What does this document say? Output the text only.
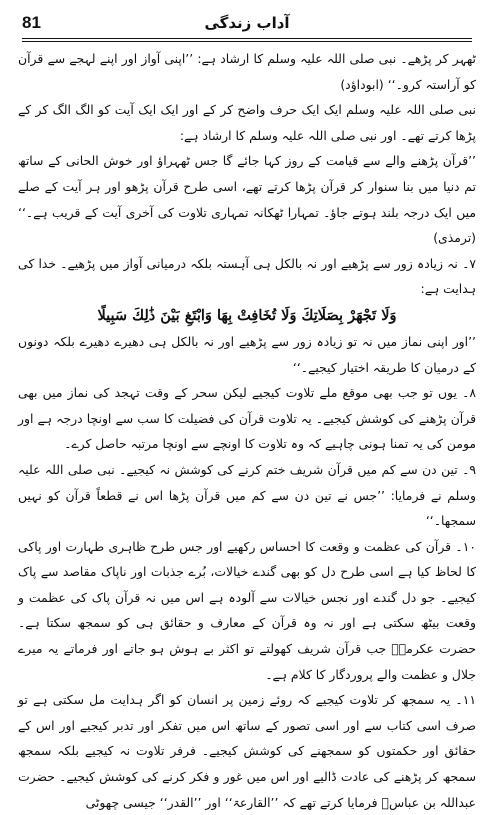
81	آداب زندگی

ٹھہر کر پڑھے۔ نبی صلی اللہ علیہ وسلم کا ارشاد ہے: ’’اپنی آواز اور اپنے لہجے سے قرآن کو آراستہ کرو۔‘‘ (ابوداؤد)

نبی صلی اللہ علیہ وسلم ایک ایک حرف واضح کر کے اور ایک ایک آیت کو الگ الگ کر کے پڑھا کرتے تھے۔ اور نبی صلی اللہ علیہ وسلم کا ارشاد ہے:

’’قرآن پڑھنے والے سے قیامت کے روز کہا جائے گا جس ٹھہراؤ اور خوش الحانی کے ساتھ تم دنیا میں بنا سنوار کر قرآن پڑھا کرتے تھے، اسی طرح قرآن پڑھو اور ہر آیت کے صلے میں ایک درجہ بلند ہوتے جاؤ۔ تمہارا ٹھکانہ تمہاری تلاوت کی آخری آیت کے قریب ہے۔‘‘ (ترمذی)

۷۔ نہ زیادہ زور سے پڑھیے اور نہ بالکل ہی آہستہ بلکہ درمیانی آواز میں پڑھیے۔ خدا کی ہدایت ہے:

وَلَا تَجْهَرْ بِصَلَاتِكَ وَلَا تُخَافِتْ بِهَا وَابْتَغِ بَيْنَ ذَٰلِكَ سَبِيلًا

’’اور اپنی نماز میں نہ تو زیادہ زور سے پڑھیے اور نہ بالکل ہی دھیرے دھیرے بلکہ دونوں کے درمیان کا طریقہ اختیار کیجیے۔‘‘

۸۔ یوں تو جب بھی موقع ملے تلاوت کیجیے لیکن سحر کے وقت تہجد کی نماز میں بھی قرآن پڑھنے کی کوشش کیجیے۔ یہ تلاوت قرآن کی فضیلت کا سب سے اونچا درجہ ہے اور مومن کی یہ تمنا ہونی چاہیے کہ وہ تلاوت کا اونچے سے اونچا مرتبہ حاصل کرے۔

۹۔ تین دن سے کم میں قرآن شریف ختم کرنے کی کوشش نہ کیجیے۔ نبی صلی اللہ علیہ وسلم نے فرمایا: ’’جس نے تین دن سے کم میں قرآن پڑھا اس نے قطعاً قرآن کو نہیں سمجھا۔‘‘

۱۰۔ قرآن کی عظمت و وقعت کا احساس رکھیے اور جس طرح ظاہری طہارت اور پاکی کا لحاظ کیا ہے اسی طرح دل کو بھی گندے خیالات، بُرے جذبات اور ناپاک مقاصد سے پاک کیجیے۔ جو دل گندے اور نجس خیالات سے آلودہ ہے اس میں نہ قرآن پاک کی عظمت و وقعت بیٹھ سکتی ہے اور نہ وہ قرآن کے معارف و حقائق ہی کو سمجھ سکتا ہے۔ حضرت عکرمہؓ جب قرآن شریف کھولتے تو اکثر بے ہوش ہو جاتے اور فرماتے یہ میرے جلال و عظمت والے پروردگار کا کلام ہے۔

۱۱۔ یہ سمجھ کر تلاوت کیجیے کہ روئے زمین پر انسان کو اگر ہدایت مل سکتی ہے تو صرف اسی کتاب سے اور اسی تصور کے ساتھ اس میں تفکر اور تدبر کیجیے اور اس کے حقائق اور حکمتوں کو سمجھنے کی کوشش کیجیے۔ فرفر تلاوت نہ کیجیے بلکہ سمجھ سمجھ کر پڑھنے کی عادت ڈالیے اور اس میں غور و فکر کرنے کی کوشش کیجیے۔ حضرت عبداللہ بن عباسؓ فرمایا کرتے تھے کہ ’’القارعۃ‘‘ اور ’’القدر‘‘ جیسی چھوٹی
